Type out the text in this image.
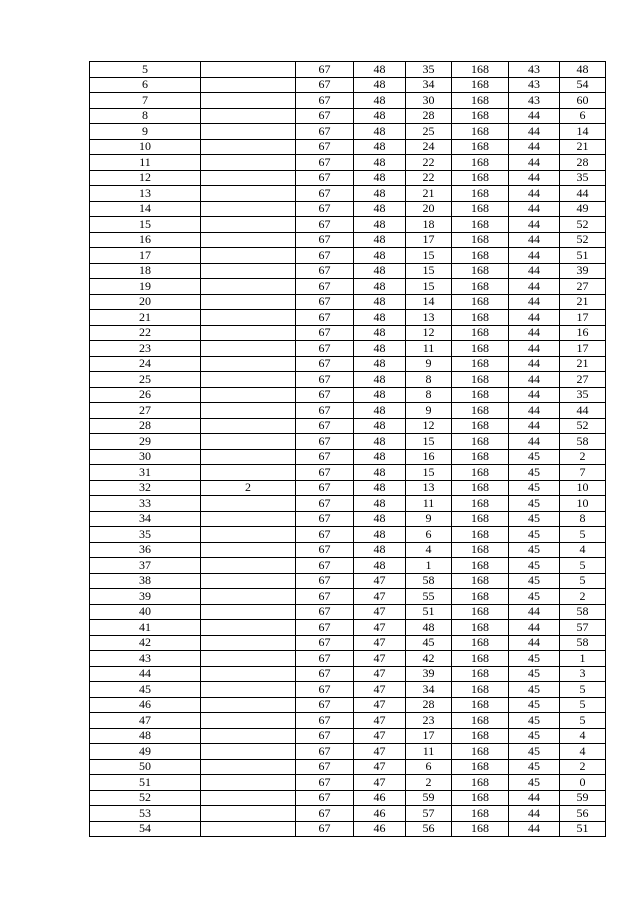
5		67	48	35	168	43	48
6		67	48	34	168	43	54
7		67	48	30	168	43	60
8		67	48	28	168	44	6
9		67	48	25	168	44	14
10		67	48	24	168	44	21
11		67	48	22	168	44	28
12		67	48	22	168	44	35
13		67	48	21	168	44	44
14		67	48	20	168	44	49
15		67	48	18	168	44	52
16		67	48	17	168	44	52
17		67	48	15	168	44	51
18		67	48	15	168	44	39
19		67	48	15	168	44	27
20		67	48	14	168	44	21
21		67	48	13	168	44	17
22		67	48	12	168	44	16
23		67	48	11	168	44	17
24		67	48	9	168	44	21
25		67	48	8	168	44	27
26		67	48	8	168	44	35
27		67	48	9	168	44	44
28		67	48	12	168	44	52
29		67	48	15	168	44	58
30		67	48	16	168	45	2
31		67	48	15	168	45	7
32	2	67	48	13	168	45	10
33		67	48	11	168	45	10
34		67	48	9	168	45	8
35		67	48	6	168	45	5
36		67	48	4	168	45	4
37		67	48	1	168	45	5
38		67	47	58	168	45	5
39		67	47	55	168	45	2
40		67	47	51	168	44	58
41		67	47	48	168	44	57
42		67	47	45	168	44	58
43		67	47	42	168	45	1
44		67	47	39	168	45	3
45		67	47	34	168	45	5
46		67	47	28	168	45	5
47		67	47	23	168	45	5
48		67	47	17	168	45	4
49		67	47	11	168	45	4
50		67	47	6	168	45	2
51		67	47	2	168	45	0
52		67	46	59	168	44	59
53		67	46	57	168	44	56
54		67	46	56	168	44	51
